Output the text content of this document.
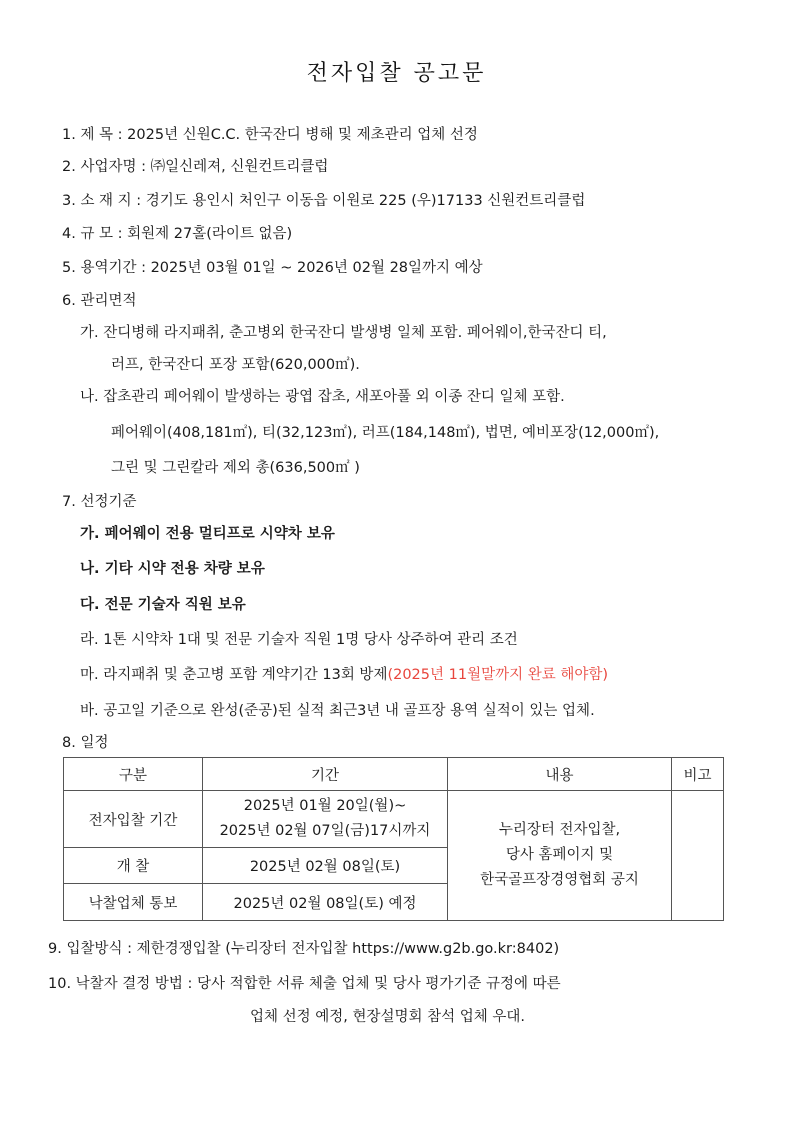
전자입찰 공고문
1. 제 목 : 2025년 신원C.C. 한국잔디 병해 및 제초관리 업체 선정
2. 사업자명 : ㈜일신레져, 신원컨트리클럽
3. 소 재 지 : 경기도 용인시 처인구 이동읍 이원로 225 (우)17133 신원컨트리클럽
4. 규 모 : 회원제 27홀(라이트 없음)
5. 용역기간 : 2025년 03월 01일 ~ 2026년 02월 28일까지 예상
6. 관리면적
가. 잔디병해 라지패취, 춘고병외 한국잔디 발생병 일체 포함. 페어웨이,한국잔디 티,
러프, 한국잔디 포장 포함(620,000㎡).
나. 잡초관리 페어웨이 발생하는 광엽 잡초, 새포아풀 외 이종 잔디 일체 포함.
페어웨이(408,181㎡), 티(32,123㎡), 러프(184,148㎡), 법면, 예비포장(12,000㎡),
그린 및 그린칼라 제외 총(636,500㎡ )
7. 선정기준
가. 페어웨이 전용 멀티프로 시약차 보유
나. 기타 시약 전용 차량 보유
다. 전문 기술자 직원 보유
라. 1톤 시약차 1대 및 전문 기술자 직원 1명 당사 상주하여 관리 조건
마. 라지패취 및 춘고병 포함 계약기간 13회 방제(2025년 11월말까지 완료 해야함)
바. 공고일 기준으로 완성(준공)된 실적 최근3년 내 골프장 용역 실적이 있는 업체.
8. 일정
구분	기간	내용	비고
전자입찰 기간	2025년 01월 20일(월)~
2025년 02월 07일(금)17시까지	누리장터 전자입찰,
당사 홈페이지 및
한국골프장경영협회 공지	

개 찰	2025년 02월 08일(토)		
낙찰업체 통보	2025년 02월 08일(토) 예정		
9. 입찰방식 : 제한경쟁입찰 (누리장터 전자입찰 https://www.g2b.go.kr:8402)
10. 낙찰자 결정 방법 : 당사 적합한 서류 체출 업체 및 당사 평가기준 규정에 따른
업체 선정 예정, 현장설명회 참석 업체 우대.
